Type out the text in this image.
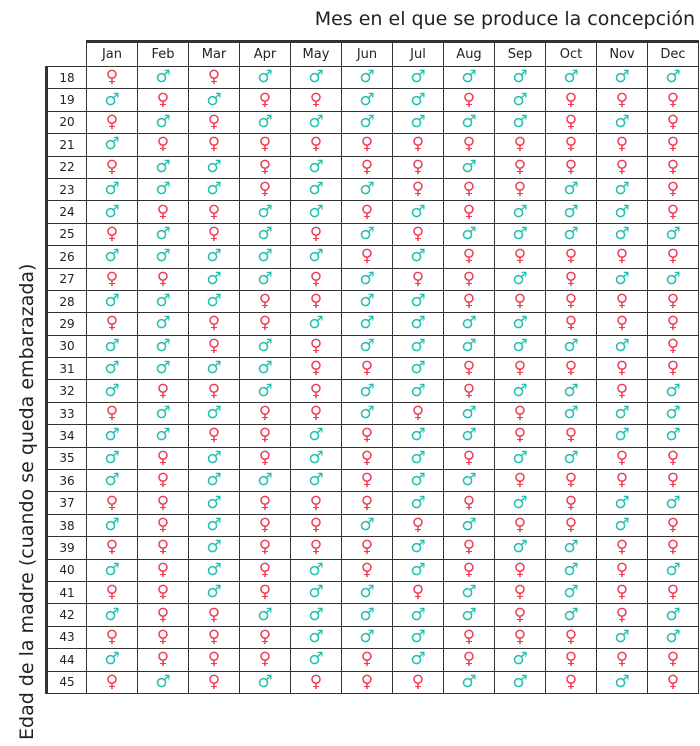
Mes en el que se produce la concepción
Edad de la madre (cuando se queda embarazada)
	Jan	Feb	Mar	Apr	May	Jun	Jul	Aug	Sep	Oct	Nov	Dec
18	♀	♂	♀	♂	♂	♂	♂	♂	♂	♂	♂	♂
19	♂	♀	♂	♀	♀	♂	♂	♀	♂	♀	♀	♀
20	♀	♂	♀	♂	♂	♂	♂	♂	♂	♀	♂	♀
21	♂	♀	♀	♀	♀	♀	♀	♀	♀	♀	♀	♀
22	♀	♂	♂	♀	♂	♀	♀	♂	♀	♀	♀	♀
23	♂	♂	♂	♀	♂	♂	♀	♀	♀	♂	♂	♀
24	♂	♀	♀	♂	♂	♀	♂	♀	♂	♂	♂	♀
25	♀	♂	♀	♂	♀	♂	♀	♂	♂	♂	♂	♂
26	♂	♂	♂	♂	♂	♀	♂	♀	♀	♀	♀	♀
27	♀	♀	♂	♂	♀	♂	♀	♀	♂	♀	♂	♂
28	♂	♂	♂	♀	♀	♂	♂	♀	♀	♀	♀	♀
29	♀	♂	♀	♀	♂	♂	♂	♂	♂	♀	♀	♀
30	♂	♂	♀	♂	♀	♂	♂	♂	♂	♂	♂	♀
31	♂	♂	♂	♂	♀	♀	♂	♀	♀	♀	♀	♀
32	♂	♀	♀	♂	♀	♂	♂	♀	♂	♂	♀	♂
33	♀	♂	♂	♀	♀	♂	♀	♂	♀	♂	♂	♂
34	♂	♂	♀	♀	♂	♀	♂	♂	♀	♀	♂	♂
35	♂	♀	♂	♀	♂	♀	♂	♀	♂	♂	♀	♀
36	♂	♀	♂	♂	♂	♀	♂	♂	♀	♀	♀	♀
37	♀	♀	♂	♀	♀	♀	♂	♀	♂	♀	♂	♂
38	♂	♀	♂	♀	♀	♂	♀	♂	♀	♀	♂	♀
39	♀	♀	♂	♀	♀	♀	♂	♀	♂	♂	♀	♀
40	♂	♀	♂	♀	♂	♀	♂	♀	♀	♂	♀	♂
41	♀	♀	♂	♀	♂	♂	♀	♂	♀	♂	♀	♀
42	♂	♀	♀	♂	♂	♂	♂	♂	♀	♂	♀	♂
43	♀	♀	♀	♀	♂	♂	♂	♀	♀	♀	♂	♂
44	♂	♀	♀	♀	♂	♀	♂	♀	♂	♀	♀	♀
45	♀	♂	♀	♂	♀	♀	♀	♂	♂	♀	♂	♀
